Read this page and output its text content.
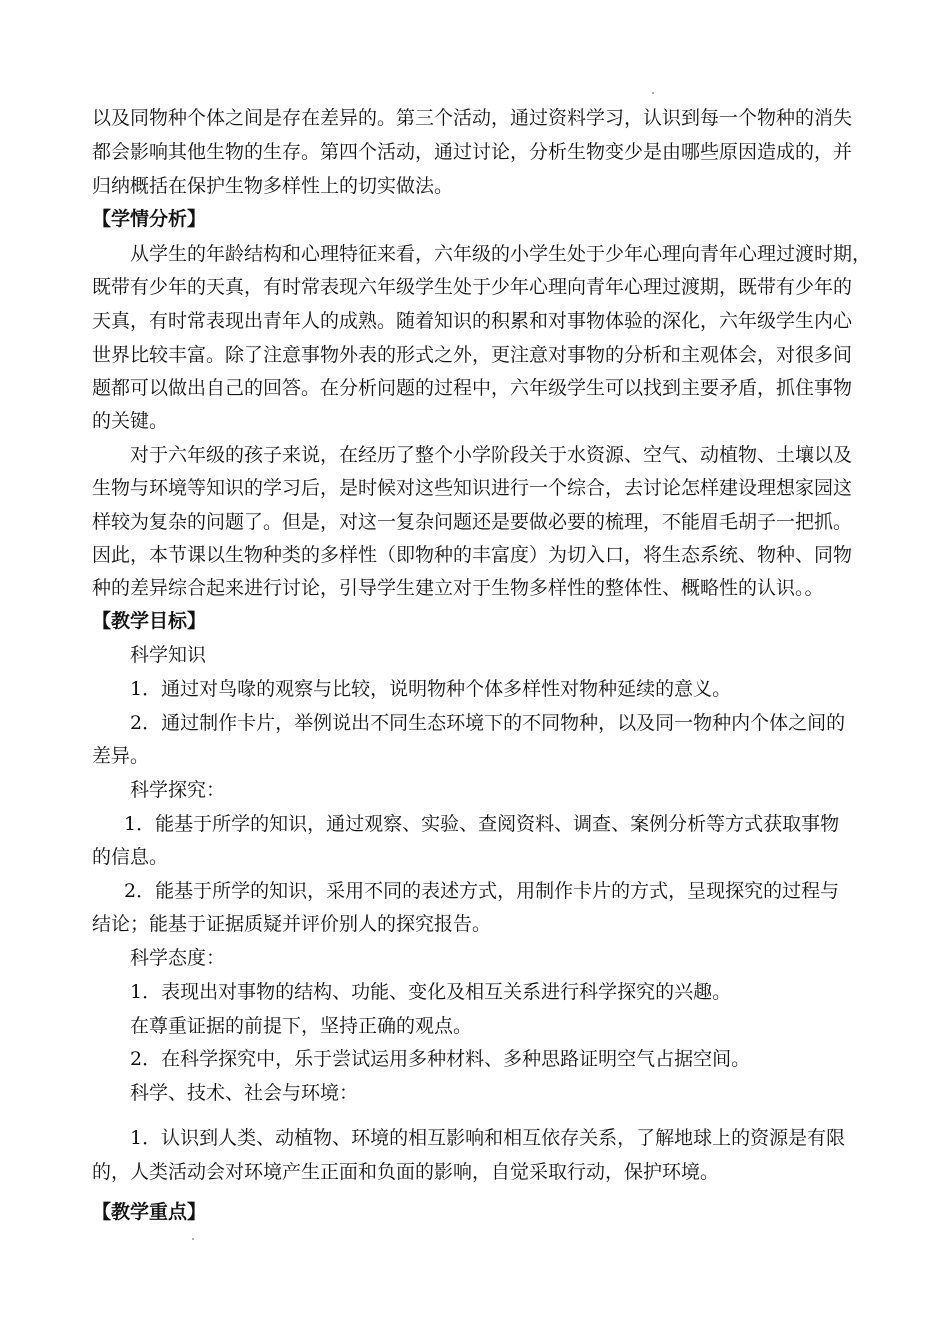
以及同物种个体之间是存在差异的。第三个活动，通过资料学习，认识到每一个物种的消失
都会影响其他生物的生存。第四个活动，通过讨论，分析生物变少是由哪些原因造成的，并
归纳概括在保护生物多样性上的切实做法。
【学情分析】
从学生的年龄结构和心理特征来看，六年级的小学生处于少年心理向青年心理过渡时期，
既带有少年的天真，有时常表现六年级学生处于少年心理向青年心理过渡期，既带有少年的
天真，有时常表现出青年人的成熟。随着知识的积累和对事物体验的深化，六年级学生内心
世界比较丰富。除了注意事物外表的形式之外，更注意对事物的分析和主观体会，对很多间
题都可以做出自己的回答。在分析问题的过程中，六年级学生可以找到主要矛盾，抓住事物
的关键。
对于六年级的孩子来说，在经历了整个小学阶段关于水资源、空气、动植物、土壤以及
生物与环境等知识的学习后，是时候对这些知识进行一个综合，去讨论怎样建设理想家园这
样较为复杂的问题了。但是，对这一复杂问题还是要做必要的梳理，不能眉毛胡子一把抓。
因此，本节课以生物种类的多样性（即物种的丰富度）为切入口，将生态系统、物种、同物
种的差异综合起来进行讨论，引导学生建立对于生物多样性的整体性、概略性的认识。。
【教学目标】
科学知识
1．通过对鸟喙的观察与比较，说明物种个体多样性对物种延续的意义。
2．通过制作卡片，举例说出不同生态环境下的不同物种，以及同一物种内个体之间的
差异。
科学探究：
1．能基于所学的知识，通过观察、实验、查阅资料、调查、案例分析等方式获取事物
的信息。
2．能基于所学的知识，采用不同的表述方式，用制作卡片的方式，呈现探究的过程与
结论；能基于证据质疑并评价别人的探究报告。
科学态度：
1．表现出对事物的结构、功能、变化及相互关系进行科学探究的兴趣。
在尊重证据的前提下，坚持正确的观点。
2．在科学探究中，乐于尝试运用多种材料、多种思路证明空气占据空间。
科学、技术、社会与环境：
1．认识到人类、动植物、环境的相互影响和相互依存关系，了解地球上的资源是有限
的，人类活动会对环境产生正面和负面的影响，自觉采取行动，保护环境。
【教学重点】
